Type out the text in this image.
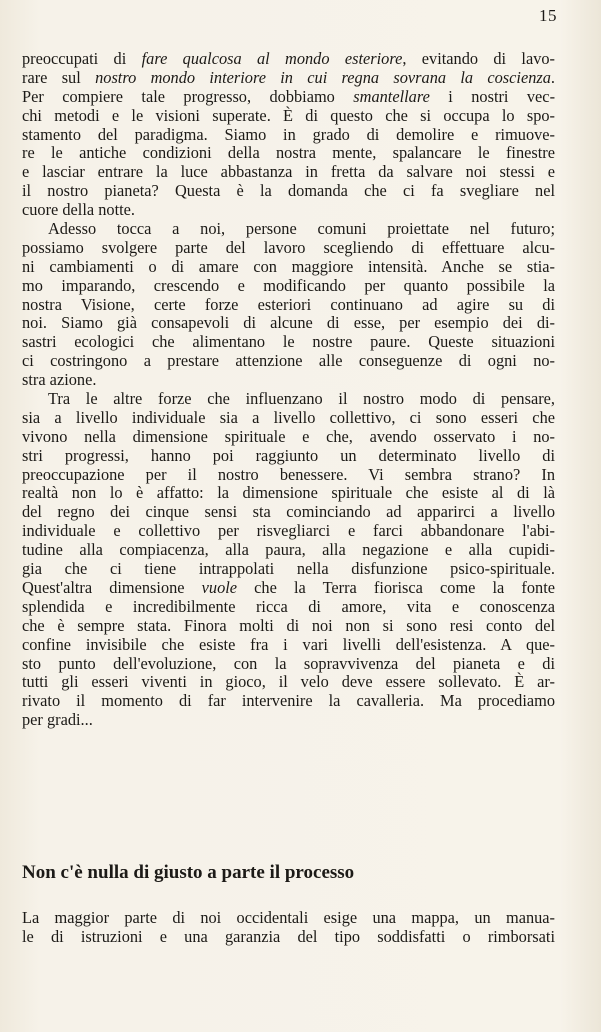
15
preoccupati di fare qualcosa al mondo esteriore, evitando di lavo-
rare sul nostro mondo interiore in cui regna sovrana la coscienza.
Per compiere tale progresso, dobbiamo smantellare i nostri vec-
chi metodi e le visioni superate. È di questo che si occupa lo spo-
stamento del paradigma. Siamo in grado di demolire e rimuove-
re le antiche condizioni della nostra mente, spalancare le finestre
e lasciar entrare la luce abbastanza in fretta da salvare noi stessi e
il nostro pianeta? Questa è la domanda che ci fa svegliare nel
cuore della notte.
Adesso tocca a noi, persone comuni proiettate nel futuro;
possiamo svolgere parte del lavoro scegliendo di effettuare alcu-
ni cambiamenti o di amare con maggiore intensità. Anche se stia-
mo imparando, crescendo e modificando per quanto possibile la
nostra Visione, certe forze esteriori continuano ad agire su di
noi. Siamo già consapevoli di alcune di esse, per esempio dei di-
sastri ecologici che alimentano le nostre paure. Queste situazioni
ci costringono a prestare attenzione alle conseguenze di ogni no-
stra azione.
Tra le altre forze che influenzano il nostro modo di pensare,
sia a livello individuale sia a livello collettivo, ci sono esseri che
vivono nella dimensione spirituale e che, avendo osservato i no-
stri progressi, hanno poi raggiunto un determinato livello di
preoccupazione per il nostro benessere. Vi sembra strano? In
realtà non lo è affatto: la dimensione spirituale che esiste al di là
del regno dei cinque sensi sta cominciando ad apparirci a livello
individuale e collettivo per risvegliarci e farci abbandonare l'abi-
tudine alla compiacenza, alla paura, alla negazione e alla cupidi-
gia che ci tiene intrappolati nella disfunzione psico-spirituale.
Quest'altra dimensione vuole che la Terra fiorisca come la fonte
splendida e incredibilmente ricca di amore, vita e conoscenza
che è sempre stata. Finora molti di noi non si sono resi conto del
confine invisibile che esiste fra i vari livelli dell'esistenza. A que-
sto punto dell'evoluzione, con la sopravvivenza del pianeta e di
tutti gli esseri viventi in gioco, il velo deve essere sollevato. È ar-
rivato il momento di far intervenire la cavalleria. Ma procediamo
per gradi...
Non c'è nulla di giusto a parte il processo
La maggior parte di noi occidentali esige una mappa, un manua-
le di istruzioni e una garanzia del tipo soddisfatti o rimborsati
